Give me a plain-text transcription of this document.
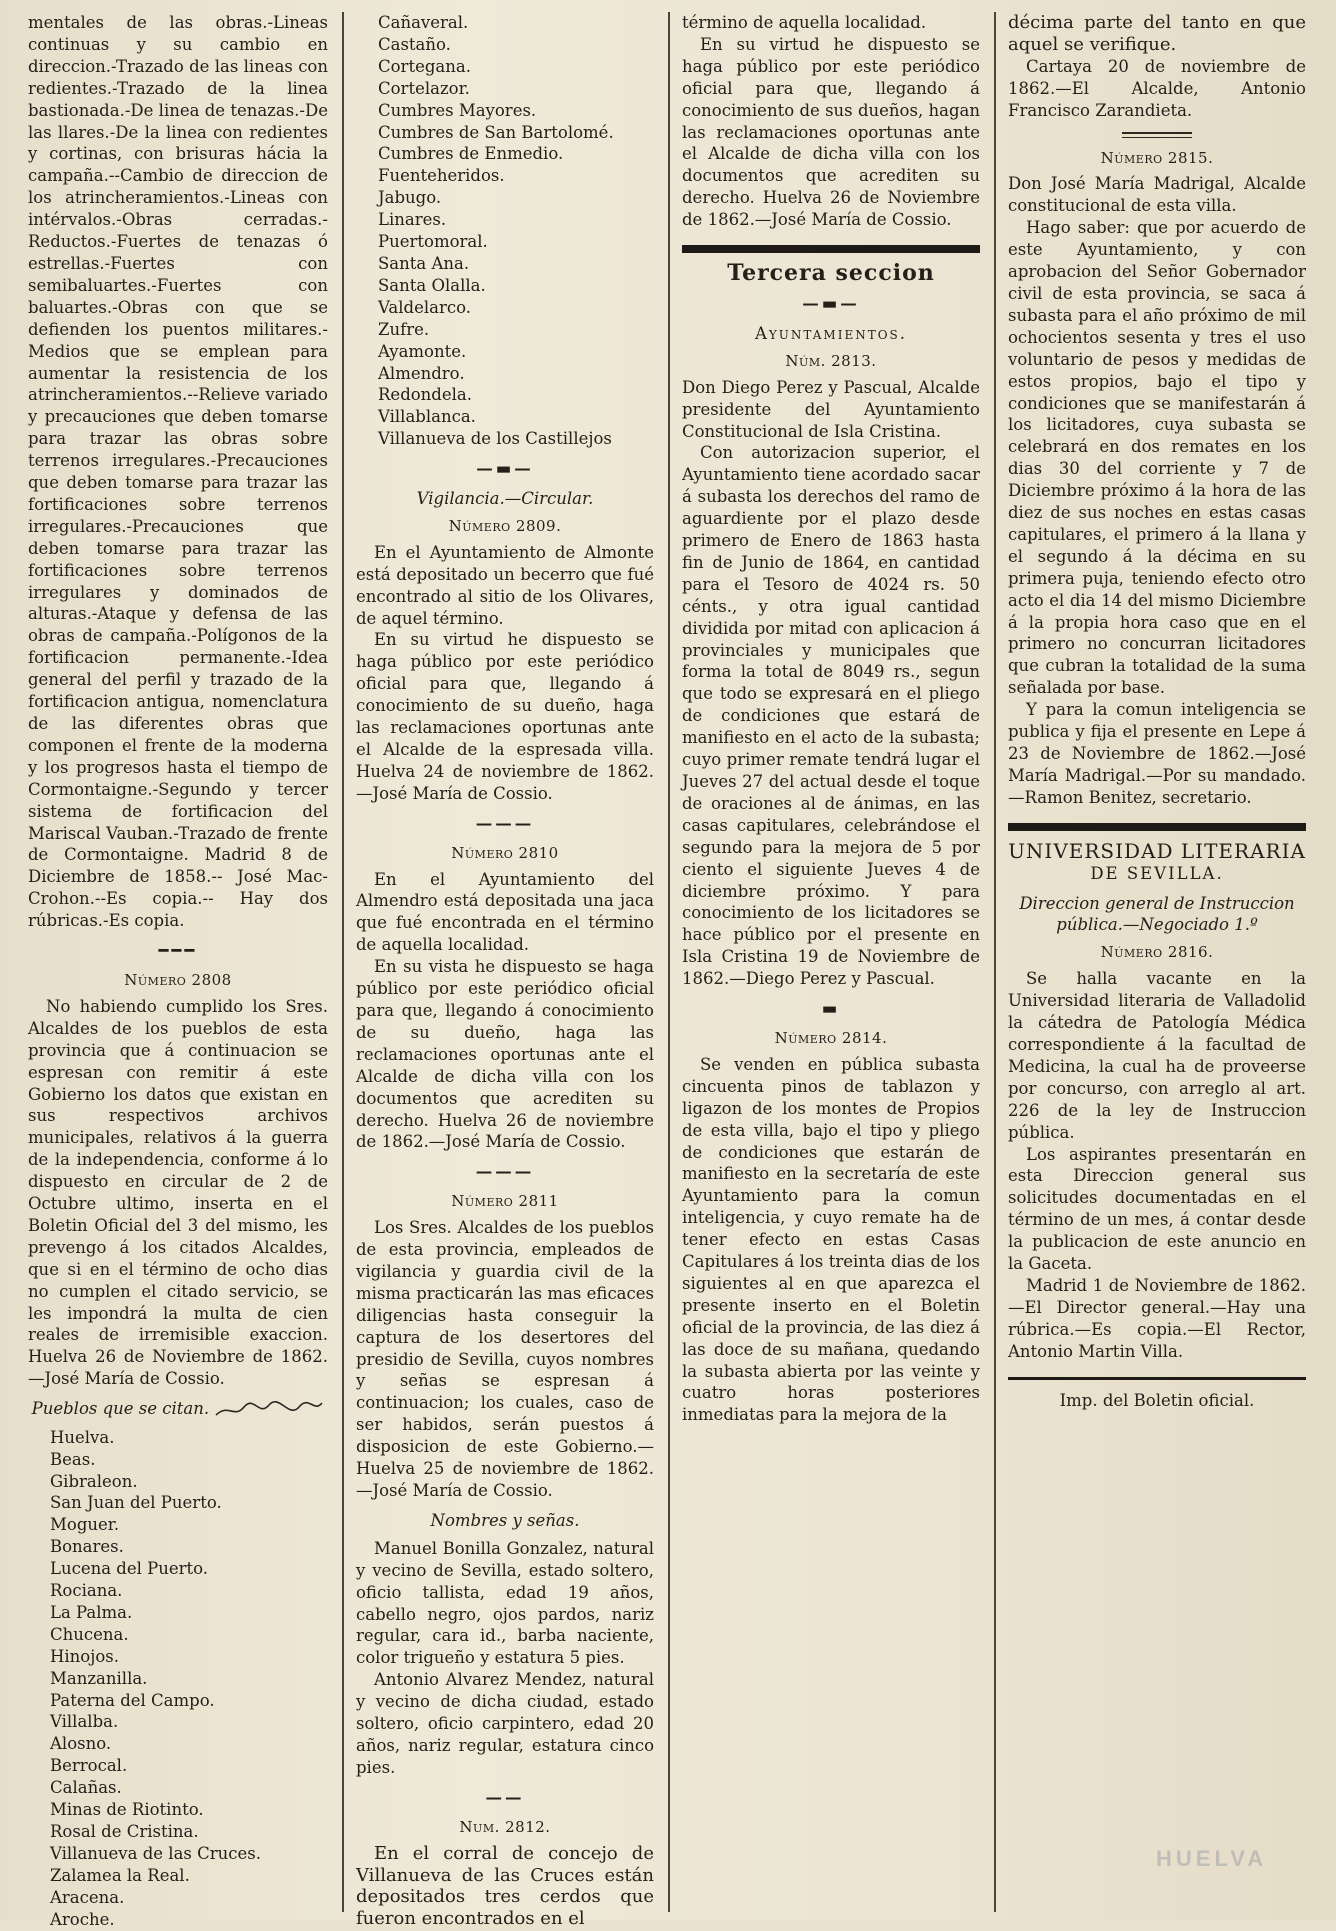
mentales de las obras.-Lineas continuas y su cambio en direccion.-Trazado de las lineas con redientes.-Trazado de la linea bastionada.-De linea de tenazas.-De las llares.-De la linea con redientes y cortinas, con brisuras hácia la campaña.--Cambio de direccion de los atrincheramientos.-Lineas con intérvalos.-Obras cerradas.-Reductos.-Fuertes de tenazas ó estrellas.-Fuertes con semibaluartes.-Fuertes con baluartes.-Obras con que se defienden los puentos militares.-Medios que se emplean para aumentar la resistencia de los atrincheramientos.--Relieve variado y precauciones que deben tomarse para trazar las obras sobre terrenos irregulares.-Precauciones que deben tomarse para trazar las fortificaciones sobre terrenos irregulares.-Precauciones que deben tomarse para trazar las fortificaciones sobre terrenos irregulares y dominados de alturas.-Ataque y defensa de las obras de campaña.-Polígonos de la fortificacion permanente.-Idea general del perfil y trazado de la fortificacion antigua, nomenclatura de las diferentes obras que componen el frente de la moderna y los progresos hasta el tiempo de Cormontaigne.-Segundo y tercer sistema de fortificacion del Mariscal Vauban.-Trazado de frente de Cormontaigne. Madrid 8 de Diciembre de 1858.-- José Mac-Crohon.--Es copia.-- Hay dos rúbricas.-Es copia.

━━━
Número 2808

No habiendo cumplido los Sres. Alcaldes de los pueblos de esta provincia que á continuacion se espresan con remitir á este Gobierno los datos que existan en sus respectivos archivos municipales, relativos á la guerra de la independencia, conforme á lo dispuesto en circular de 2 de Octubre ultimo, inserta en el Boletin Oficial del 3 del mismo, les prevengo á los citados Alcaldes, que si en el término de ocho dias no cumplen el citado servicio, se les impondrá la multa de cien reales de irremisible exaccion. Huelva 26 de Noviembre de 1862. —José María de Cossio.

Pueblos que se citan.
Huelva.
Beas.
Gibraleon.
San Juan del Puerto.
Moguer.
Bonares.
Lucena del Puerto.
Rociana.
La Palma.
Chucena.
Hinojos.
Manzanilla.
Paterna del Campo.
Villalba.
Alosno.
Berrocal.
Calañas.
Minas de Riotinto.
Rosal de Cristina.
Villanueva de las Cruces.
Zalamea la Real.
Aracena.
Aroche.
Cañaveral.
Castaño.
Cortegana.
Cortelazor.
Cumbres Mayores.
Cumbres de San Bartolomé.
Cumbres de Enmedio.
Fuenteheridos.
Jabugo.
Linares.
Puertomoral.
Santa Ana.
Santa Olalla.
Valdelarco.
Zufre.
Ayamonte.
Almendro.
Redondela.
Villablanca.
Villanueva de los Castillejos
—▬—
Vigilancia.—Circular.
Número 2809.

En el Ayuntamiento de Almonte está depositado un becerro que fué encontrado al sitio de los Olivares, de aquel término.

En su virtud he dispuesto se haga público por este periódico oficial para que, llegando á conocimiento de su dueño, haga las reclamaciones oportunas ante el Alcalde de la espresada villa. Huelva 24 de noviembre de 1862.—José María de Cossio.

———
Número 2810

En el Ayuntamiento del Almendro está depositada una jaca que fué encontrada en el término de aquella localidad.

En su vista he dispuesto se haga público por este periódico oficial para que, llegando á conocimiento de su dueño, haga las reclamaciones oportunas ante el Alcalde de dicha villa con los documentos que acrediten su derecho. Huelva 26 de noviembre de 1862.—José María de Cossio.

———
Número 2811

Los Sres. Alcaldes de los pueblos de esta provincia, empleados de vigilancia y guardia civil de la misma practicarán las mas eficaces diligencias hasta conseguir la captura de los desertores del presidio de Sevilla, cuyos nombres y señas se espresan á continuacion; los cuales, caso de ser habidos, serán puestos á disposicion de este Gobierno.—Huelva 25 de noviembre de 1862. —José María de Cossio.

Nombres y señas.

Manuel Bonilla Gonzalez, natural y vecino de Sevilla, estado soltero, oficio tallista, edad 19 años, cabello negro, ojos pardos, nariz regular, cara id., barba naciente, color trigueño y estatura 5 pies.

Antonio Alvarez Mendez, natural y vecino de dicha ciudad, estado soltero, oficio carpintero, edad 20 años, nariz regular, estatura cinco pies.

——
Num. 2812.

En el corral de concejo de Villanueva de las Cruces están depositados tres cerdos que fueron encontrados en el

término de aquella localidad.

En su virtud he dispuesto se haga público por este periódico oficial para que, llegando á conocimiento de sus dueños, hagan las reclamaciones oportunas ante el Alcalde de dicha villa con los documentos que acrediten su derecho. Huelva 26 de Noviembre de 1862.—José María de Cossio.

Tercera seccion
—▬—
Ayuntamientos.
Núm. 2813.

Don Diego Perez y Pascual, Alcalde presidente del Ayuntamiento Constitucional de Isla Cristina.

Con autorizacion superior, el Ayuntamiento tiene acordado sacar á subasta los derechos del ramo de aguardiente por el plazo desde primero de Enero de 1863 hasta fin de Junio de 1864, en cantidad para el Tesoro de 4024 rs. 50 cénts., y otra igual cantidad dividida por mitad con aplicacion á provinciales y municipales que forma la total de 8049 rs., segun que todo se expresará en el pliego de condiciones que estará de manifiesto en el acto de la subasta; cuyo primer remate tendrá lugar el Jueves 27 del actual desde el toque de oraciones al de ánimas, en las casas capitulares, celebrándose el segundo para la mejora de 5 por ciento el siguiente Jueves 4 de diciembre próximo. Y para conocimiento de los licitadores se hace público por el presente en Isla Cristina 19 de Noviembre de 1862.—Diego Perez y Pascual.

▬
Número 2814.

Se venden en pública subasta cincuenta pinos de tablazon y ligazon de los montes de Propios de esta villa, bajo el tipo y pliego de condiciones que estarán de manifiesto en la secretaría de este Ayuntamiento para la comun inteligencia, y cuyo remate ha de tener efecto en estas Casas Capitulares á los treinta dias de los siguientes al en que aparezca el presente inserto en el Boletin oficial de la provincia, de las diez á las doce de su mañana, quedando la subasta abierta por las veinte y cuatro horas posteriores inmediatas para la mejora de la

décima parte del tanto en que aquel se verifique.

Cartaya 20 de noviembre de 1862.—El Alcalde, Antonio Francisco Zarandieta.

Número 2815.

Don José María Madrigal, Alcalde constitucional de esta villa.

Hago saber: que por acuerdo de este Ayuntamiento, y con aprobacion del Señor Gobernador civil de esta provincia, se saca á subasta para el año próximo de mil ochocientos sesenta y tres el uso voluntario de pesos y medidas de estos propios, bajo el tipo y condiciones que se manifestarán á los licitadores, cuya subasta se celebrará en dos remates en los dias 30 del corriente y 7 de Diciembre próximo á la hora de las diez de sus noches en estas casas capitulares, el primero á la llana y el segundo á la décima en su primera puja, teniendo efecto otro acto el dia 14 del mismo Diciembre á la propia hora caso que en el primero no concurran licitadores que cubran la totalidad de la suma señalada por base.

Y para la comun inteligencia se publica y fija el presente en Lepe á 23 de Noviembre de 1862.—José María Madrigal.—Por su mandado.—Ramon Benitez, secretario.

UNIVERSIDAD LITERARIA
DE SEVILLA.
Direccion general de Instruccion pública.—Negociado 1.º
Número 2816.

Se halla vacante en la Universidad literaria de Valladolid la cátedra de Patología Médica correspondiente á la facultad de Medicina, la cual ha de proveerse por concurso, con arreglo al art. 226 de la ley de Instruccion pública.

Los aspirantes presentarán en esta Direccion general sus solicitudes documentadas en el término de un mes, á contar desde la publicacion de este anuncio en la Gaceta.

Madrid 1 de Noviembre de 1862.—El Director general.—Hay una rúbrica.—Es copia.—El Rector, Antonio Martin Villa.

Imp. del Boletin oficial.
HUELVA
